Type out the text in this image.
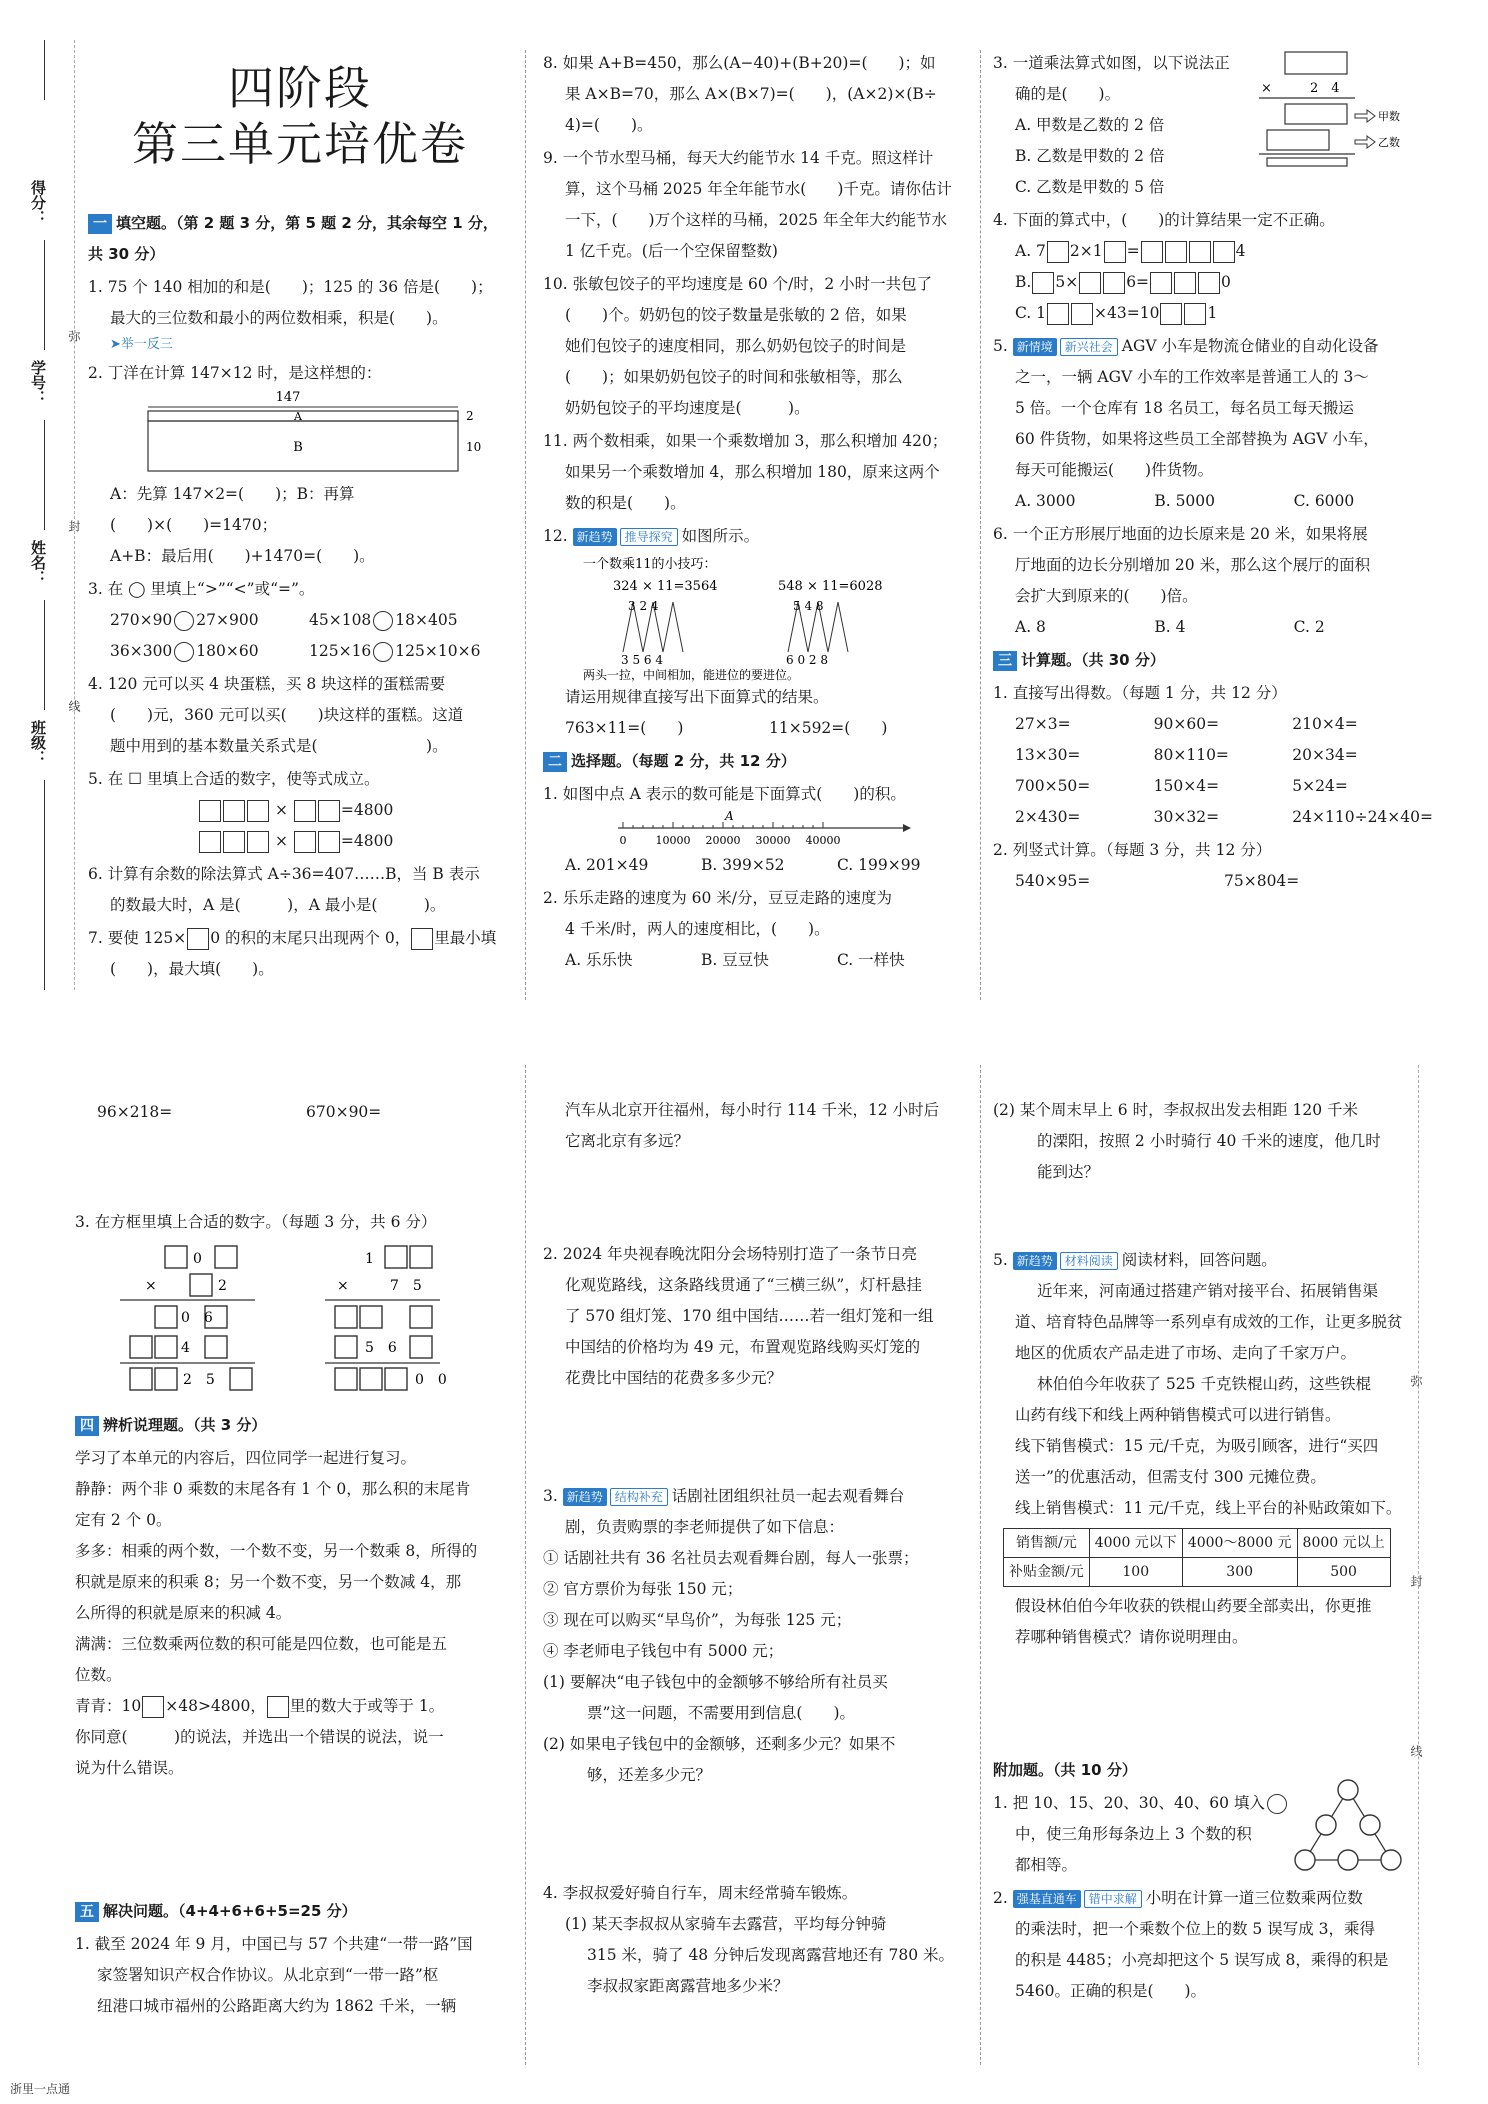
得分：
学号：
姓名：
班级：
弥
封
线
四阶段
第三单元培优卷
一 填空题。（第 2 题 3 分，第 5 题 2 分，其余每空 1 分，共 30 分）
1. 75 个 140 相加的和是(　　)；125 的 36 倍是(　　)；
最大的三位数和最小的两位数相乘，积是(　　)。
➤举一反三
2. 丁洋在计算 147×12 时，是这样想的：
147
A
B
2
10
A：先算 147×2=(　　)；B：再算(　　)×(　　)=1470；
A+B：最后用(　　)+1470=(　　)。
3. 在 ◯ 里填上“>”“<”或“=”。
270×90 27×900	45×108 18×405
36×300 180×60	125×16 125×10×6
4. 120 元可以买 4 块蛋糕，买 8 块这样的蛋糕需要
(　　)元，360 元可以买(　　)块这样的蛋糕。这道
题中用到的基本数量关系式是(　　　　　　　)。
5. 在 ☐ 里填上合适的数字，使等式成立。
×	=4800
×	=4800
6. 计算有余数的除法算式 A÷36=407……B，当 B 表示
的数最大时，A 是(　　　)，A 最小是(　　　)。
7. 要使 125× 0 的积的末尾只出现两个 0， 里最小填
(　　)，最大填(　　)。
8. 如果 A+B=450，那么(A−40)+(B+20)=(　　)；如
果 A×B=70，那么 A×(B×7)=(　　)，(A×2)×(B÷
4)=(　　)。
9. 一个节水型马桶，每天大约能节水 14 千克。照这样计
算，这个马桶 2025 年全年能节水(　　)千克。请你估计
一下，(　　)万个这样的马桶，2025 年全年大约能节水
1 亿千克。(后一个空保留整数)
10. 张敏包饺子的平均速度是 60 个/时，2 小时一共包了
(　　)个。奶奶包的饺子数量是张敏的 2 倍，如果
她们包饺子的速度相同，那么奶奶包饺子的时间是
(　　)；如果奶奶包饺子的时间和张敏相等，那么
奶奶包饺子的平均速度是(　　　)。
11. 两个数相乘，如果一个乘数增加 3，那么积增加 420；
如果另一个乘数增加 4，那么积增加 180，原来这两个
数的积是(　　)。
12. 新趋势 推导探究 如图所示。
一个数乘11的小技巧：
324 × 11=3564	548 × 11=6028
3 2 4	5 4 8
3 5 6 4	6 0 2 8
两头一拉，中间相加，能进位的要进位。
请运用规律直接写出下面算式的结果。
763×11=(　　)	11×592=(　　)
二 选择题。（每题 2 分，共 12 分）
1. 如图中点 A 表示的数可能是下面算式(　　)的积。
A
0	10000 20000 30000 40000
A. 201×49	B. 399×52	C. 199×99
2. 乐乐走路的速度为 60 米/分，豆豆走路的速度为
4 千米/时，两人的速度相比，(　　)。
A. 乐乐快	B. 豆豆快	C. 一样快
3. 一道乘法算式如图，以下说法正
确的是(　　)。
A. 甲数是乙数的 2 倍
B. 乙数是甲数的 2 倍
C. 乙数是甲数的 5 倍
×	2　4
甲数
乙数
4. 下面的算式中，(　　)的计算结果一定不正确。
A. 7 2×1 =	4
B. 5×	6=	0
C. 1	×43=10	1
5. 新情境 新兴社会 AGV 小车是物流仓储业的自动化设备
之一，一辆 AGV 小车的工作效率是普通工人的 3～
5 倍。一个仓库有 18 名员工，每名员工每天搬运
60 件货物，如果将这些员工全部替换为 AGV 小车，
每天可能搬运(　　)件货物。
A. 3000	B. 5000	C. 6000
6. 一个正方形展厅地面的边长原来是 20 米，如果将展
厅地面的边长分别增加 20 米，那么这个展厅的面积
会扩大到原来的(　　)倍。
A. 8	B. 4	C. 2
三 计算题。（共 30 分）
1. 直接写出得数。（每题 1 分，共 12 分）
27×3=	90×60=	210×4=
13×30=	80×110=	20×34=
700×50=	150×4=	5×24=
2×430=	30×32=	24×110÷24×40=
2. 列竖式计算。（每题 3 分，共 12 分）
540×95=	75×804=
96×218=	670×90=
3. 在方框里填上合适的数字。（每题 3 分，共 6 分）
0
×	2
0　6
4
2　5
1
×	7　5
5　6
0　0
四 辨析说理题。（共 3 分）
学习了本单元的内容后，四位同学一起进行复习。
静静：两个非 0 乘数的末尾各有 1 个 0，那么积的末尾肯
定有 2 个 0。
多多：相乘的两个数，一个数不变，另一个数乘 8，所得的
积就是原来的积乘 8；另一个数不变，另一个数减 4，那
么所得的积就是原来的积减 4。
满满：三位数乘两位数的积可能是四位数，也可能是五
位数。
青青：10 ×48>4800， 里的数大于或等于 1。
你同意(　　　)的说法，并选出一个错误的说法，说一
说为什么错误。
五 解决问题。（4+4+6+6+5=25 分）
1. 截至 2024 年 9 月，中国已与 57 个共建“一带一路”国
家签署知识产权合作协议。从北京到“一带一路”枢
纽港口城市福州的公路距离大约为 1862 千米，一辆
汽车从北京开往福州，每小时行 114 千米，12 小时后
它离北京有多远？
2. 2024 年央视春晚沈阳分会场特别打造了一条节日亮
化观览路线，这条路线贯通了“三横三纵”，灯杆悬挂
了 570 组灯笼、170 组中国结……若一组灯笼和一组
中国结的价格均为 49 元，布置观览路线购买灯笼的
花费比中国结的花费多多少元？
3. 新趋势 结构补充 话剧社团组织社员一起去观看舞台
剧，负责购票的李老师提供了如下信息：
① 话剧社共有 36 名社员去观看舞台剧，每人一张票；
② 官方票价为每张 150 元；
③ 现在可以购买“早鸟价”，为每张 125 元；
④ 李老师电子钱包中有 5000 元；
(1) 要解决“电子钱包中的金额够不够给所有社员买
票”这一问题，不需要用到信息(　　)。
(2) 如果电子钱包中的金额够，还剩多少元？如果不
够，还差多少元？
4. 李叔叔爱好骑自行车，周末经常骑车锻炼。
(1) 某天李叔叔从家骑车去露营，平均每分钟骑
315 米，骑了 48 分钟后发现离露营地还有 780 米。
李叔叔家距离露营地多少米？
(2) 某个周末早上 6 时，李叔叔出发去相距 120 千米
的溧阳，按照 2 小时骑行 40 千米的速度，他几时
能到达？
5. 新趋势 材料阅读 阅读材料，回答问题。
近年来，河南通过搭建产销对接平台、拓展销售渠
道、培育特色品牌等一系列卓有成效的工作，让更多脱贫
地区的优质农产品走进了市场、走向了千家万户。
林伯伯今年收获了 525 千克铁棍山药，这些铁棍
山药有线下和线上两种销售模式可以进行销售。
线下销售模式：15 元/千克，为吸引顾客，进行“买四
送一”的优惠活动，但需支付 300 元摊位费。
线上销售模式：11 元/千克，线上平台的补贴政策如下。
销售额/元	4000 元以下	4000～8000 元	8000 元以上
补贴金额/元	100	300	500
假设林伯伯今年收获的铁棍山药要全部卖出，你更推
荐哪种销售模式？请你说明理由。
附加题。（共 10 分）
1. 把 10、15、20、30、40、60 填入
中，使三角形每条边上 3 个数的积
都相等。
2. 强基直通车 错中求解 小明在计算一道三位数乘两位数
的乘法时，把一个乘数个位上的数 5 误写成 3，乘得
的积是 4485；小亮却把这个 5 误写成 8，乘得的积是
5460。正确的积是(　　)。
弥
封
线
浙里一点通
